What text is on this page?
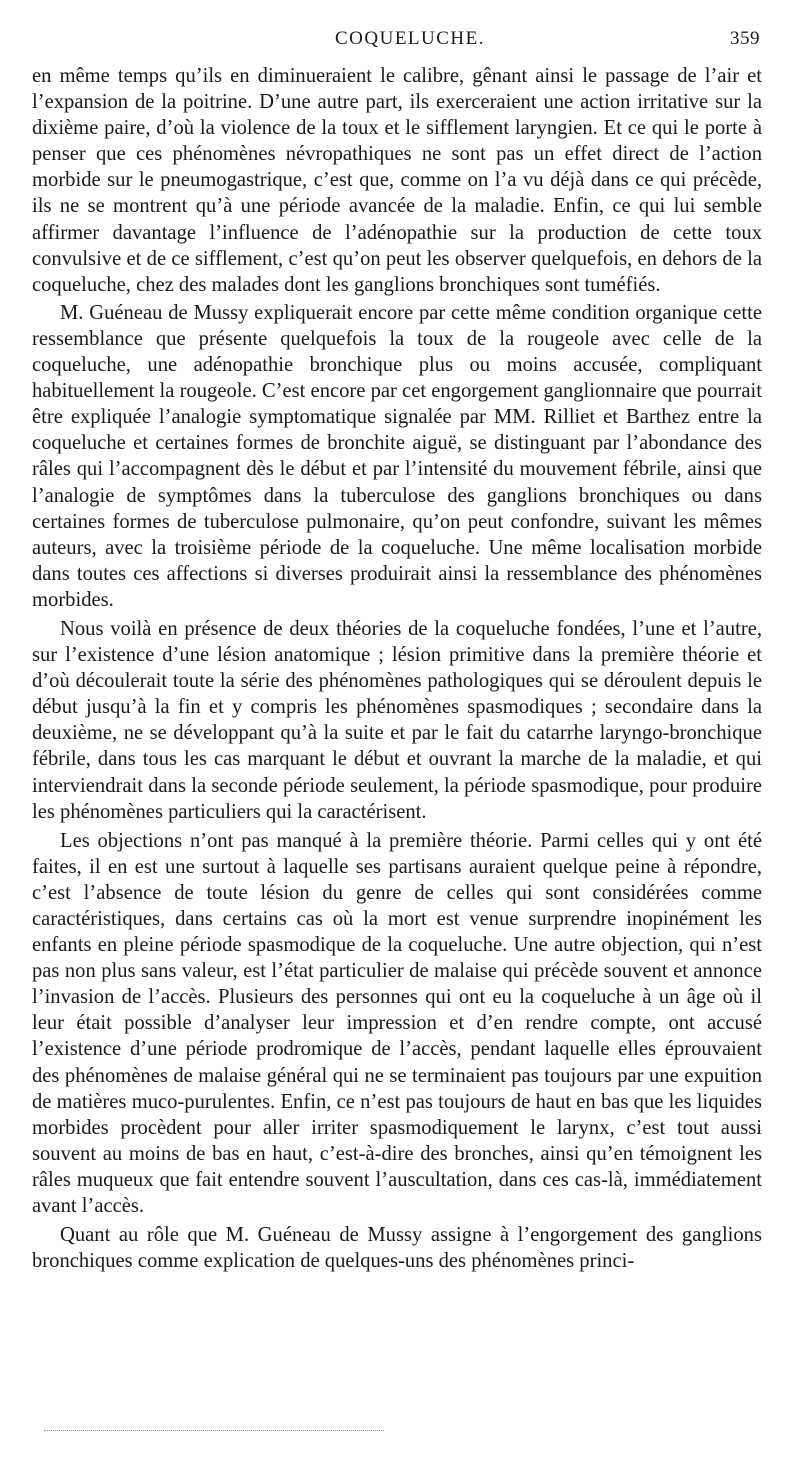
COQUELUCHE.	359

en même temps qu’ils en diminueraient le calibre, gênant ainsi le passage de l’air et l’expansion de la poitrine. D’une autre part, ils exerceraient une action irritative sur la dixième paire, d’où la violence de la toux et le sifflement laryngien. Et ce qui le porte à penser que ces phénomènes névropathiques ne sont pas un effet direct de l’action morbide sur le pneumogastrique, c’est que, comme on l’a vu déjà dans ce qui précède, ils ne se montrent qu’à une période avancée de la maladie. Enfin, ce qui lui semble affirmer davantage l’influence de l’adénopathie sur la production de cette toux convulsive et de ce sifflement, c’est qu’on peut les observer quelquefois, en dehors de la coqueluche, chez des malades dont les ganglions bronchiques sont tuméfiés.

M. Guéneau de Mussy expliquerait encore par cette même condition organique cette ressemblance que présente quelquefois la toux de la rougeole avec celle de la coqueluche, une adénopathie bronchique plus ou moins accusée, compliquant habituellement la rougeole. C’est encore par cet engorgement ganglionnaire que pourrait être expliquée l’analogie symptomatique signalée par MM. Rilliet et Barthez entre la coqueluche et certaines formes de bronchite aiguë, se distinguant par l’abondance des râles qui l’accompagnent dès le début et par l’intensité du mouvement fébrile, ainsi que l’analogie de symptômes dans la tuberculose des ganglions bronchiques ou dans certaines formes de tuberculose pulmonaire, qu’on peut confondre, suivant les mêmes auteurs, avec la troisième période de la coqueluche. Une même localisation morbide dans toutes ces affections si diverses produirait ainsi la ressemblance des phénomènes morbides.

Nous voilà en présence de deux théories de la coqueluche fondées, l’une et l’autre, sur l’existence d’une lésion anatomique ; lésion primitive dans la première théorie et d’où découlerait toute la série des phénomènes pathologiques qui se déroulent depuis le début jusqu’à la fin et y compris les phénomènes spasmodiques ; secondaire dans la deuxième, ne se développant qu’à la suite et par le fait du catarrhe laryngo-bronchique fébrile, dans tous les cas marquant le début et ouvrant la marche de la maladie, et qui interviendrait dans la seconde période seulement, la période spasmodique, pour produire les phénomènes particuliers qui la caractérisent.

Les objections n’ont pas manqué à la première théorie. Parmi celles qui y ont été faites, il en est une surtout à laquelle ses partisans auraient quelque peine à répondre, c’est l’absence de toute lésion du genre de celles qui sont considérées comme caractéristiques, dans certains cas où la mort est venue surprendre inopinément les enfants en pleine période spasmodique de la coqueluche. Une autre objection, qui n’est pas non plus sans valeur, est l’état particulier de malaise qui précède souvent et annonce l’invasion de l’accès. Plusieurs des personnes qui ont eu la coqueluche à un âge où il leur était possible d’analyser leur impression et d’en rendre compte, ont accusé l’existence d’une période prodromique de l’accès, pendant laquelle elles éprouvaient des phénomènes de malaise général qui ne se terminaient pas toujours par une expuition de matières muco-purulentes. Enfin, ce n’est pas toujours de haut en bas que les liquides morbides procèdent pour aller irriter spasmodiquement le larynx, c’est tout aussi souvent au moins de bas en haut, c’est-à-dire des bronches, ainsi qu’en témoignent les râles muqueux que fait entendre souvent l’auscultation, dans ces cas-là, immédiatement avant l’accès.

Quant au rôle que M. Guéneau de Mussy assigne à l’engorgement des ganglions bronchiques comme explication de quelques-uns des phénomènes princi-
